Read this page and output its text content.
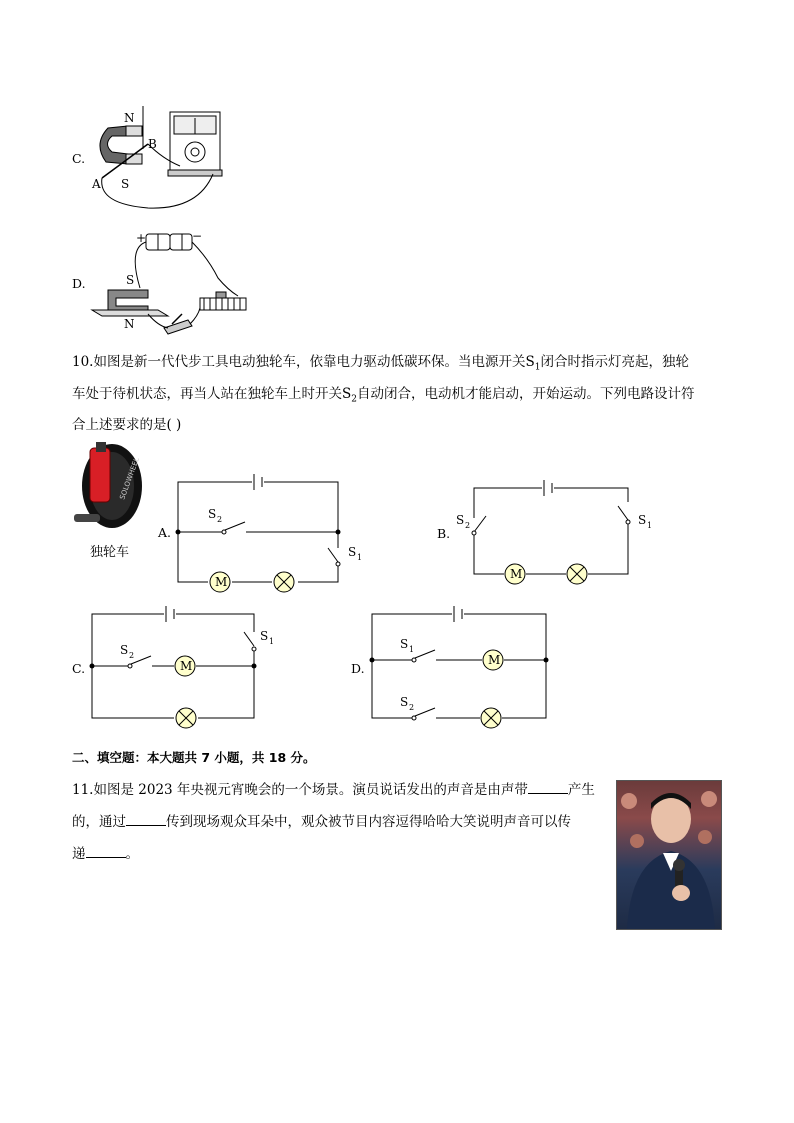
C.
N
S
B
A
D.
+	−
S
N
10.如图是新一代代步工具电动独轮车，依靠电力驱动低碳环保。当电源开关$S_1$闭合时指示灯亮起，独轮
车处于待机状态，再当人站在独轮车上时开关$S_2$自动闭合，电动机才能启动，开始运动。下列电路设计符
合上述要求的是( )
SOLOWHEEL
独轮车
A.
M
S 2
S 1
B.
M
S 2	S 1
C.	M
S 2
S 1
D.
M
S 1
S 2
二、填空题：本大题共 7 小题，共 18 分。
11.如图是 2023 年央视元宵晚会的一个场景。演员说话发出的声音是由声带	产生
的，通过	传到现场观众耳朵中，观众被节目内容逗得哈哈大笑说明声音可以传
递	。
